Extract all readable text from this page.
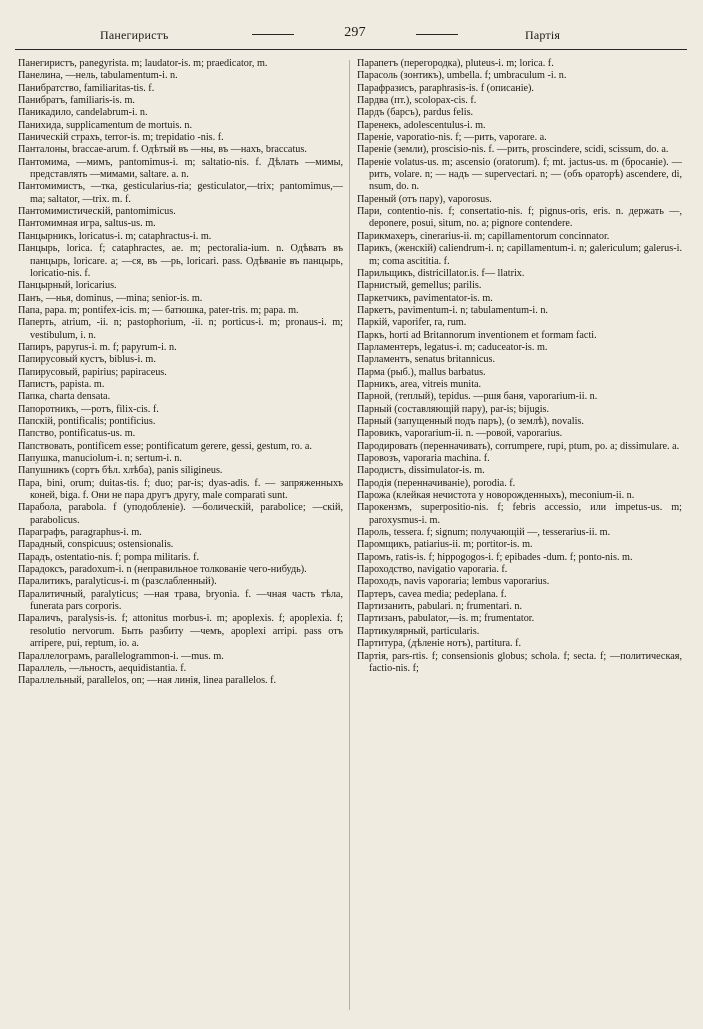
Панегиристъ	297	Партія

Панегиристъ, panegyrista. m; laudator-is. m; praedicator, m.

Панелина, —нель, tabulamentum-i. n.

Панибратство, familiaritas-tis. f.

Панибратъ, familiaris-is. m.

Паникадило, candelabrum-i. n.

Панихида, supplicamentum de mortuis. n.

Паническій страхъ, terror-is. m; trepidatio -nis. f.

Панталоны, bracсae-arum. f. Одѣтый въ —ны, въ —нахъ, braccatus.

Пантомима, —мимъ, pantomimus-i. m; saltatio-nis. f. Дѣлать —мимы, представлять —мимами, saltare. a. n.

Пантомимистъ, —тка, gesticularius-ria; gesticulator,—trix; pantomimus,—ma; saltator, —trix. m. f.

Пантомимистическій, pantomimicus.

Пантомимная игра, saltus-us. m.

Панцырникъ, loricatus-i. m; cataphractus-i. m.

Панцырь, lorica. f; cataphractes, ae. m; pectoralia-ium. n. Одѣвать въ панцырь, loricare. a; —ся, въ —рь, loricari. pass. Одѣваніе въ панцырь, loricatio-nis. f.

Панцырный, loricarius.

Панъ, —нья, dominus, —mina; senior-is. m.

Папа, papa. m; pontifex-icis. m; — батюшка, pater-tris. m; papa. m.

Паперть, atrium, -ii. n; pastophorium, -ii. n; porticus-i. m; pronaus-i. m; vestibulum, i. n.

Папиръ, papyrus-i. m. f; papyrum-i. n.

Папирусовый кустъ, biblus-i. m.

Папирусовый, papirius; papiraceus.

Папистъ, papista. m.

Папка, charta densata.

Папоротникъ, —ротъ, filix-cis. f.

Папскій, pontificalis; pontificius.

Папство, pontificatus-us. m.

Папствовать, pontificem esse; pontificatum gerere, gessi, gestum, ro. a.

Папушка, manuciolum-i. n; sertum-i. n.

Папушникъ (сортъ бѣл. хлѣба), panis siligineus.

Пара, bini, orum; duitas-tis. f; duo; par-is; dyas-adis. f. — запряженныхъ коней, biga. f. Они не пара другъ другу, male comparati sunt.

Парабола, parabola. f (уподобленіе). —болическій, parabolice; —скій, parabolicus.

Параграфъ, paragraphus-i. m.

Парадный, conspicuus; ostensionalis.

Парадъ, ostentatio-nis. f; pompa militaris. f.

Парадоксъ, paradoxum-i. n (неправильное толкованіе чего-нибудь).

Паралитикъ, paralyticus-i. m (разслабленный).

Паралитичный, paralyticus; —ная трава, bryonia. f. —чная часть тѣла, funerata pars corporis.

Параличъ, paralysis-is. f; attonitus morbus-i. m; apoplexis. f; apoplexia. f; resolutio nervorum. Быть разбиту —чемъ, apoplexi arripi. pass отъ arripere, pui, reptum, io. a.

Параллелограмъ, parallelogrammon-i. —mus. m.

Параллель, —льность, aequidistantia. f.

Параллельный, parallelos, on; —ная линія, linea parallelos. f.

Парапетъ (перегородка), pluteus-i. m; lorica. f.

Парасоль (зонтикъ), umbella. f; umbraculum -i. n.

Парафразисъ, paraphrasis-is. f (описаніе).

Пардва (пт.), scolopax-cis. f.

Пардъ (барсъ), pardus felis.

Паренекъ, adolescentulus-i. m.

Пареніе, vaporatio-nis. f; —рить, vaporare. a.

Пареніе (земли), proscisio-nis. f. —рить, proscindere, scidi, scissum, do. a.

Пареніе volatus-us. m; ascensio (oratorum). f; mt. jactus-us. m (бросаніе). —рить, volare. n; — надъ — supervectari. n; — (объ ораторѣ) ascendere, di, nsum, do. n.

Парeный (отъ пару), vaporosus.

Пари, contentio-nis. f; consertatio-nis. f; pignus-oris, eris. n. держать —, deponere, posui, situm, no. a; pignore contendere.

Парикмахеръ, cinerarius-ii. m; capillamentorum concinnator.

Парикъ, (женскій) caliendrum-i. n; capillamentum-i. n; galericulum; galerus-i. m; coma ascititia. f.

Парильщикъ, districillator.is. f— llatrix.

Парнистый, gemellus; parilis.

Паркетчикъ, pavimentator-is. m.

Паркетъ, pavimentum-i. n; tabulamentum-i. n.

Паркій, vaporifer, ra, rum.

Паркъ, horti ad Britannorum inventionem et formam facti.

Парламентеръ, legatus-i. m; caduceator-is. m.

Парламентъ, senatus britannicus.

Парма (рыб.), mallus barbatus.

Парникъ, area, vitreis munita.

Парной, (теплый), tepidus. —ршя баня, vaporarium-ii. n.

Парный (составляющій пару), par-is; bijugis.

Парный (запущенный подъ паръ), (о землѣ), novalis.

Паровикъ, vaporarium-ii. n. —ровой, vaporarius.

Пародировать (перенначивать), corrumpere, rupi, ptum, po. a; dissimulare. a.

Паровозъ, vaporaria machina. f.

Пародистъ, dissimulator-is. m.

Пародія (перенначиваніе), porodia. f.

Парожа (клейкая нечистота у новорожденныхъ), meconium-ii. n.

Парокензмъ, superpositio-nis. f; febris accessio, или impetus-us. m; paroxysmus-i. m.

Пароль, tessera. f; signum; получающій —, tesserarius-ii. m.

Паромщикъ, patiarius-ii. m; portitor-is. m.

Паромъ, ratis-is. f; hippogogos-i. f; epibades -dum. f; ponto-nis. m.

Пароходство, navigatio vaporaria. f.

Пароходъ, navis vaporaria; lembus vaporarius.

Партеръ, cavea media; pedeplana. f.

Партизанить, pabulari. n; frumentari. n.

Партизанъ, pabulator,—is. m; frumentator.

Партикулярный, particularis.

Партитура, (дѣленіе нотъ), partitura. f.

Партія, pars-rtis. f; consensionis globus; schola. f; secta. f; —политическая, factio-nis. f;
